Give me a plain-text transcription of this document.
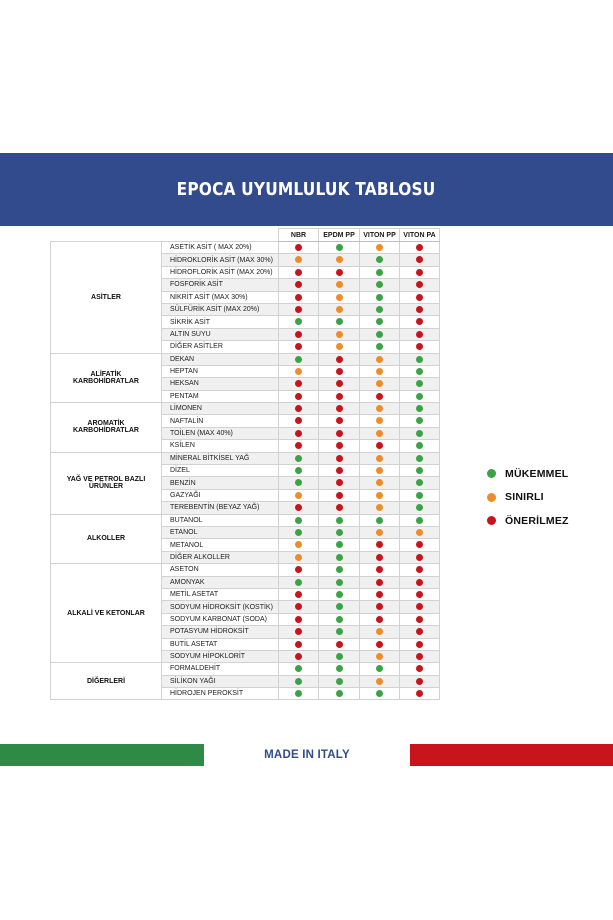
EPOCA UYUMLULUK TABLOSU
		NBR	EPDM PP	VITON PP	VITON PA
ASİTLER	ASETİK ASİT ( MAX 20%)				
	HİDROKLORİK ASİT (MAX 30%)				
	HİDROFLORİK ASİT (MAX 20%)				
	FOSFORİK ASİT				
	NİKRİT ASİT (MAX 30%)				
	SÜLFÜRİK ASİT (MAX 20%)				
	SİKRİK ASİT				
	ALTIN SUYU				
	DİĞER ASİTLER				
ALİFATİK KARBOHİDRATLAR	DEKAN				
	HEPTAN				
	HEKSAN				
	PENTAM				
AROMATİK KARBOHİDRATLAR	LİMONEN				
	NAFTALİN				
	TOİLEN (MAX 40%)				
	KSİLEN				
YAĞ VE PETROL BAZLI ÜRÜNLER	MİNERAL BİTKİSEL YAĞ				
	DİZEL				
	BENZİN				
	GAZYAĞI				
	TEREBENTİN (BEYAZ YAĞ)				
ALKOLLER	BUTANOL				
	ETANOL				
	METANOL				
	DİĞER ALKOLLER				
ALKALİ VE KETONLAR	ASETON				
	AMONYAK				
	METİL ASETAT				
	SODYUM HİDROKSİT (KOSTİK)				
	SODYUM KARBONAT (SODA)				
	POTASYUM HİDROKSİT				
	BUTİL ASETAT				
	SODYUM HİPOKLORİT				
DİĞERLERİ	FORMALDEHİT				
	SİLİKON YAĞI				
	HİDROJEN PEROKSİT				
MÜKEMMEL
SINIRLI
ÖNERİLMEZ
MADE IN ITALY
